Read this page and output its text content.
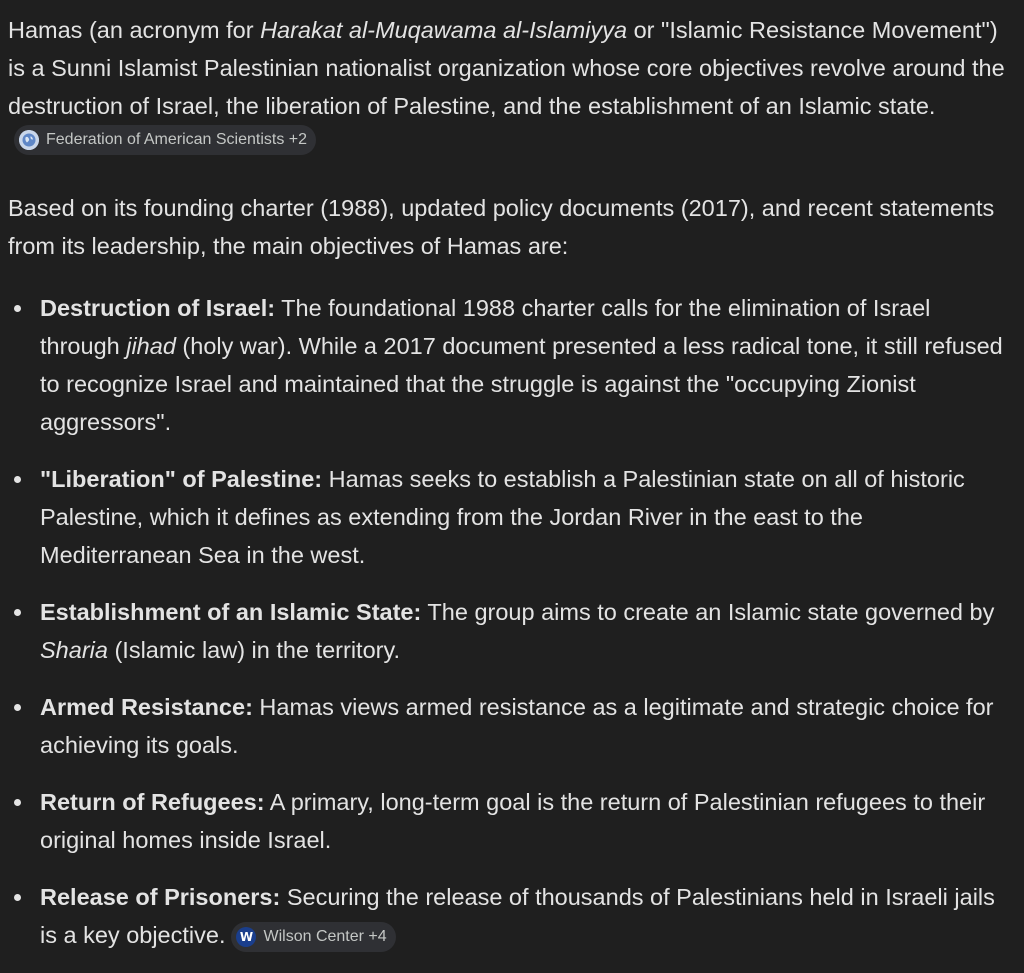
Hamas (an acronym for Harakat al-Muqawama al-Islamiyya or "Islamic Resistance Movement") is a Sunni Islamist Palestinian nationalist organization whose core objectives revolve around the destruction of Israel, the liberation of Palestine, and the establishment of an Islamic state.
Federation of American Scientists +2

Based on its founding charter (1988), updated policy documents (2017), and recent statements from its leadership, the main objectives of Hamas are:

Destruction of Israel: The foundational 1988 charter calls for the elimination of Israel through jihad (holy war). While a 2017 document presented a less radical tone, it still refused to recognize Israel and maintained that the struggle is against the "occupying Zionist aggressors".
"Liberation" of Palestine: Hamas seeks to establish a Palestinian state on all of historic Palestine, which it defines as extending from the Jordan River in the east to the Mediterranean Sea in the west.
Establishment of an Islamic State: The group aims to create an Islamic state governed by Sharia (Islamic law) in the territory.
Armed Resistance: Hamas views armed resistance as a legitimate and strategic choice for achieving its goals.
Return of Refugees: A primary, long-term goal is the return of Palestinian refugees to their original homes inside Israel.
Release of Prisoners: Securing the release of thousands of Palestinians held in Israeli jails is a key objective. W Wilson Center +4
